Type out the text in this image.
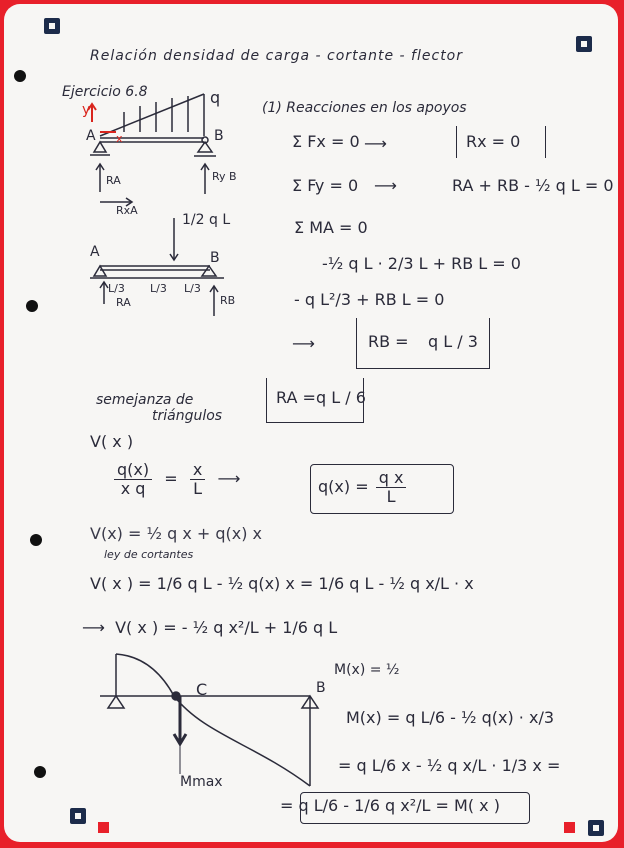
Relación densidad de carga - cortante - flector
Ejercicio 6.8	q
y
x
A	B
RA
RxA
Ry B
1/2 q L
A	B
L/3 L/3 L/3
RA	RB
(1) Reacciones en los apoyos
Σ Fx = 0 ⟶	Rx = 0
Σ Fy = 0 ⟶	RA + RB - ½ q L = 0
Σ MA = 0
-½ q L · 2/3 L + RB L = 0
- q L²/3 + RB L = 0
⟶	RB = q L / 3
RA = q L / 6
semejanza de
triángulos
V( x )
$\frac{q(x)}{\text{x q}} = \frac{x}{L}$ ⟶	$q(x) = \frac{\text{q x}}{L}$
V(x) = ½ q x + q(x) x
ley de cortantes
V( x ) = 1/6 q L - ½ q(x) x = 1/6 q L - ½ q x/L · x
⟶  V( x ) = - ½ q x²/L + 1/6 q L
C	B
Mmax
M(x) = ½
M(x) = q L/6 - ½ q(x) · x/3
= q L/6 x - ½ q x/L · 1/3 x =
= q L/6 - 1/6 q x²/L = M( x )
